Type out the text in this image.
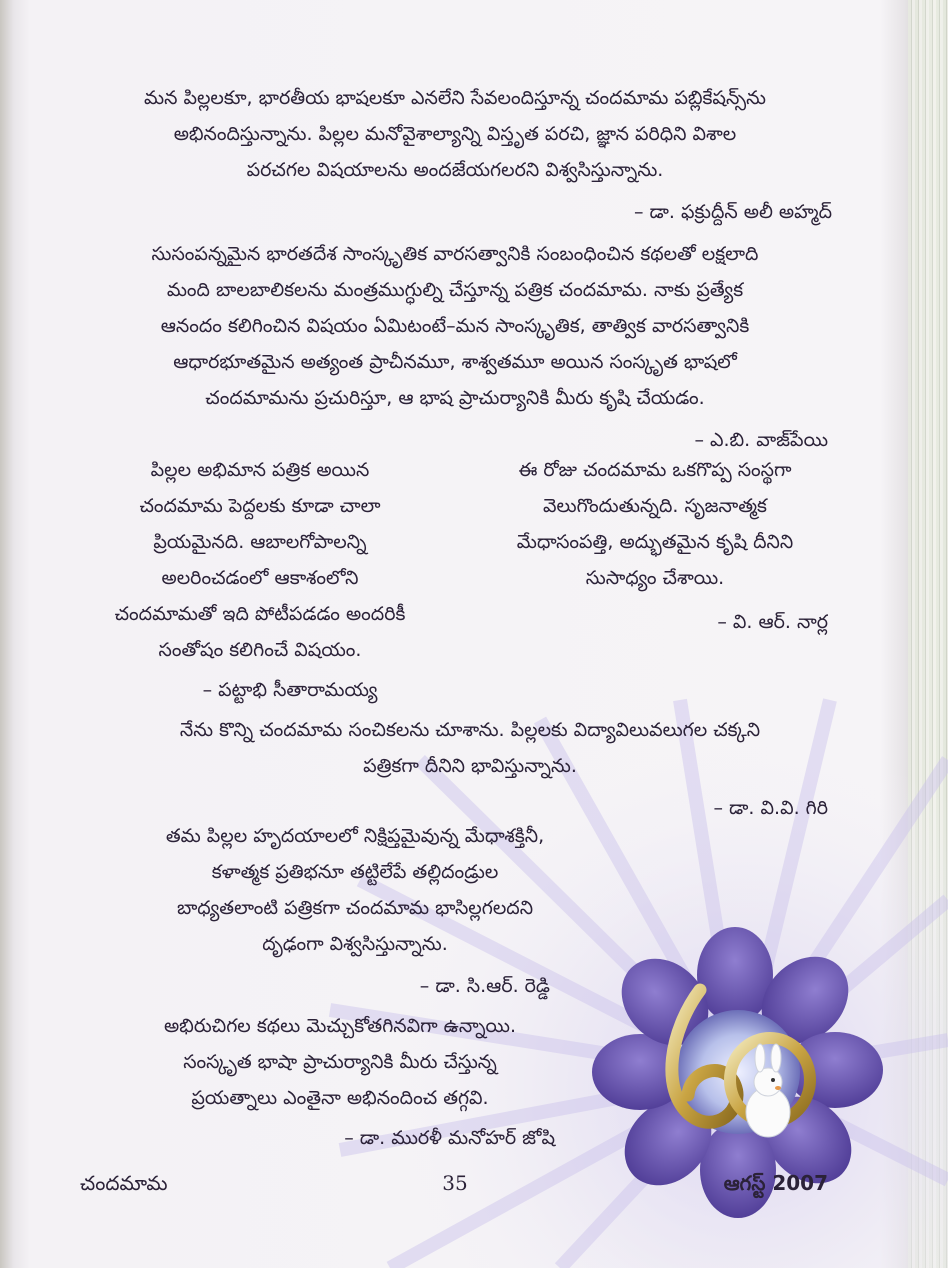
మన పిల్లలకూ, భారతీయ భాషలకూ ఎనలేని సేవలందిస్తూన్న చందమామ పబ్లికేషన్స్‌ను
అభినందిస్తున్నాను. పిల్లల మనోవైశాల్యాన్ని విస్తృత పరచి, జ్ఞాన పరిధిని విశాల
పరచగల విషయాలను అందజేయగలరని విశ్వసిస్తున్నాను.
– డా. ఫక్రుద్దీన్ అలీ అహ్మద్
సుసంపన్నమైన భారతదేశ సాంస్కృతిక వారసత్వానికి సంబంధించిన కథలతో లక్షలాది
మంది బాలబాలికలను మంత్రముగ్ధుల్ని చేస్తూన్న పత్రిక చందమామ. నాకు ప్రత్యేక
ఆనందం కలిగించిన విషయం ఏమిటంటే–మన సాంస్కృతిక, తాత్విక వారసత్వానికి
ఆధారభూతమైన అత్యంత ప్రాచీనమూ, శాశ్వతమూ అయిన సంస్కృత భాషలో
చందమామను ప్రచురిస్తూ, ఆ భాష ప్రాచుర్యానికి మీరు కృషి చేయడం.
– ఎ.బి. వాజ్‌పేయి
పిల్లల అభిమాన పత్రిక అయిన
చందమామ పెద్దలకు కూడా చాలా
ప్రియమైనది. ఆబాలగోపాలన్ని
అలరించడంలో ఆకాశంలోని
చందమామతో ఇది పోటీపడడం అందరికీ
సంతోషం కలిగించే విషయం.
– పట్టాభి సీతారామయ్య
ఈ రోజు చందమామ ఒకగొప్ప సంస్థగా
వెలుగొందుతున్నది. సృజనాత్మక
మేధాసంపత్తి, అద్భుతమైన కృషి దీనిని
సుసాధ్యం చేశాయి.
– వి. ఆర్. నార్ల
నేను కొన్ని చందమామ సంచికలను చూశాను. పిల్లలకు విద్యావిలువలుగల చక్కని
పత్రికగా దీనిని భావిస్తున్నాను.
– డా. వి.వి. గిరి
తమ పిల్లల హృదయాలలో నిక్షిప్తమైవున్న మేధాశక్తినీ,
కళాత్మక ప్రతిభనూ తట్టిలేపే తల్లిదండ్రుల
బాధ్యతలాంటి పత్రికగా చందమామ భాసిల్లగలదని
దృఢంగా విశ్వసిస్తున్నాను.
– డా. సి.ఆర్. రెడ్డి
అభిరుచిగల కథలు మెచ్చుకోతగినవిగా ఉన్నాయి.
సంస్కృత భాషా ప్రాచుర్యానికి మీరు చేస్తున్న
ప్రయత్నాలు ఎంతైనా అభినందించ తగ్గవి.
– డా. మురళీ మనోహర్ జోషి
చందమామ	35	ఆగస్ట్ 2007
